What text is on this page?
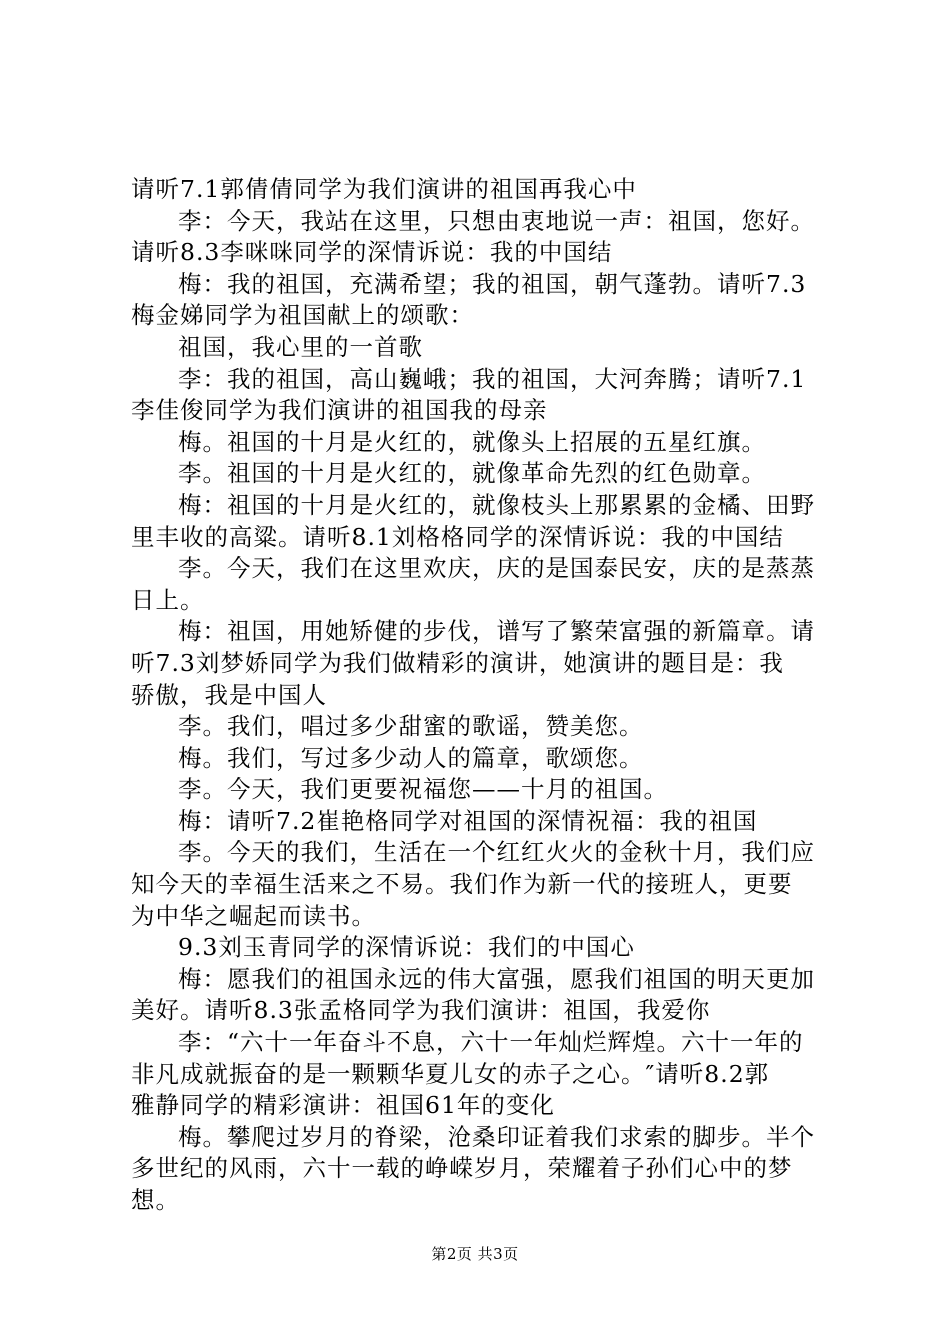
请听7.1郭倩倩同学为我们演讲的祖国再我心中
李：今天，我站在这里，只想由衷地说一声：祖国，您好。
请听8.3李咪咪同学的深情诉说：我的中国结
梅：我的祖国，充满希望；我的祖国，朝气蓬勃。请听7.3
梅金娣同学为祖国献上的颂歌：
祖国，我心里的一首歌
李：我的祖国，高山巍峨；我的祖国，大河奔腾；请听7.1
李佳俊同学为我们演讲的祖国我的母亲
梅。祖国的十月是火红的，就像头上招展的五星红旗。
李。祖国的十月是火红的，就像革命先烈的红色勋章。
梅：祖国的十月是火红的，就像枝头上那累累的金橘、田野
里丰收的高粱。请听8.1刘格格同学的深情诉说：我的中国结
李。今天，我们在这里欢庆，庆的是国泰民安，庆的是蒸蒸
日上。
梅：祖国，用她矫健的步伐，谱写了繁荣富强的新篇章。请
听7.3刘梦娇同学为我们做精彩的演讲，她演讲的题目是：我
骄傲，我是中国人
李。我们，唱过多少甜蜜的歌谣，赞美您。
梅。我们，写过多少动人的篇章，歌颂您。
李。今天，我们更要祝福您——十月的祖国。
梅：请听7.2崔艳格同学对祖国的深情祝福：我的祖国
李。今天的我们，生活在一个红红火火的金秋十月，我们应
知今天的幸福生活来之不易。我们作为新一代的接班人，更要
为中华之崛起而读书。
9.3刘玉青同学的深情诉说：我们的中国心
梅：愿我们的祖国永远的伟大富强，愿我们祖国的明天更加
美好。请听8.3张孟格同学为我们演讲：祖国，我爱你
李：“六十一年奋斗不息，六十一年灿烂辉煌。六十一年的
非凡成就振奋的是一颗颗华夏儿女的赤子之心。″请听8.2郭
雅静同学的精彩演讲：祖国61年的变化
梅。攀爬过岁月的脊梁，沧桑印证着我们求索的脚步。半个
多世纪的风雨，六十一载的峥嵘岁月，荣耀着子孙们心中的梦
想。
第2页 共3页
